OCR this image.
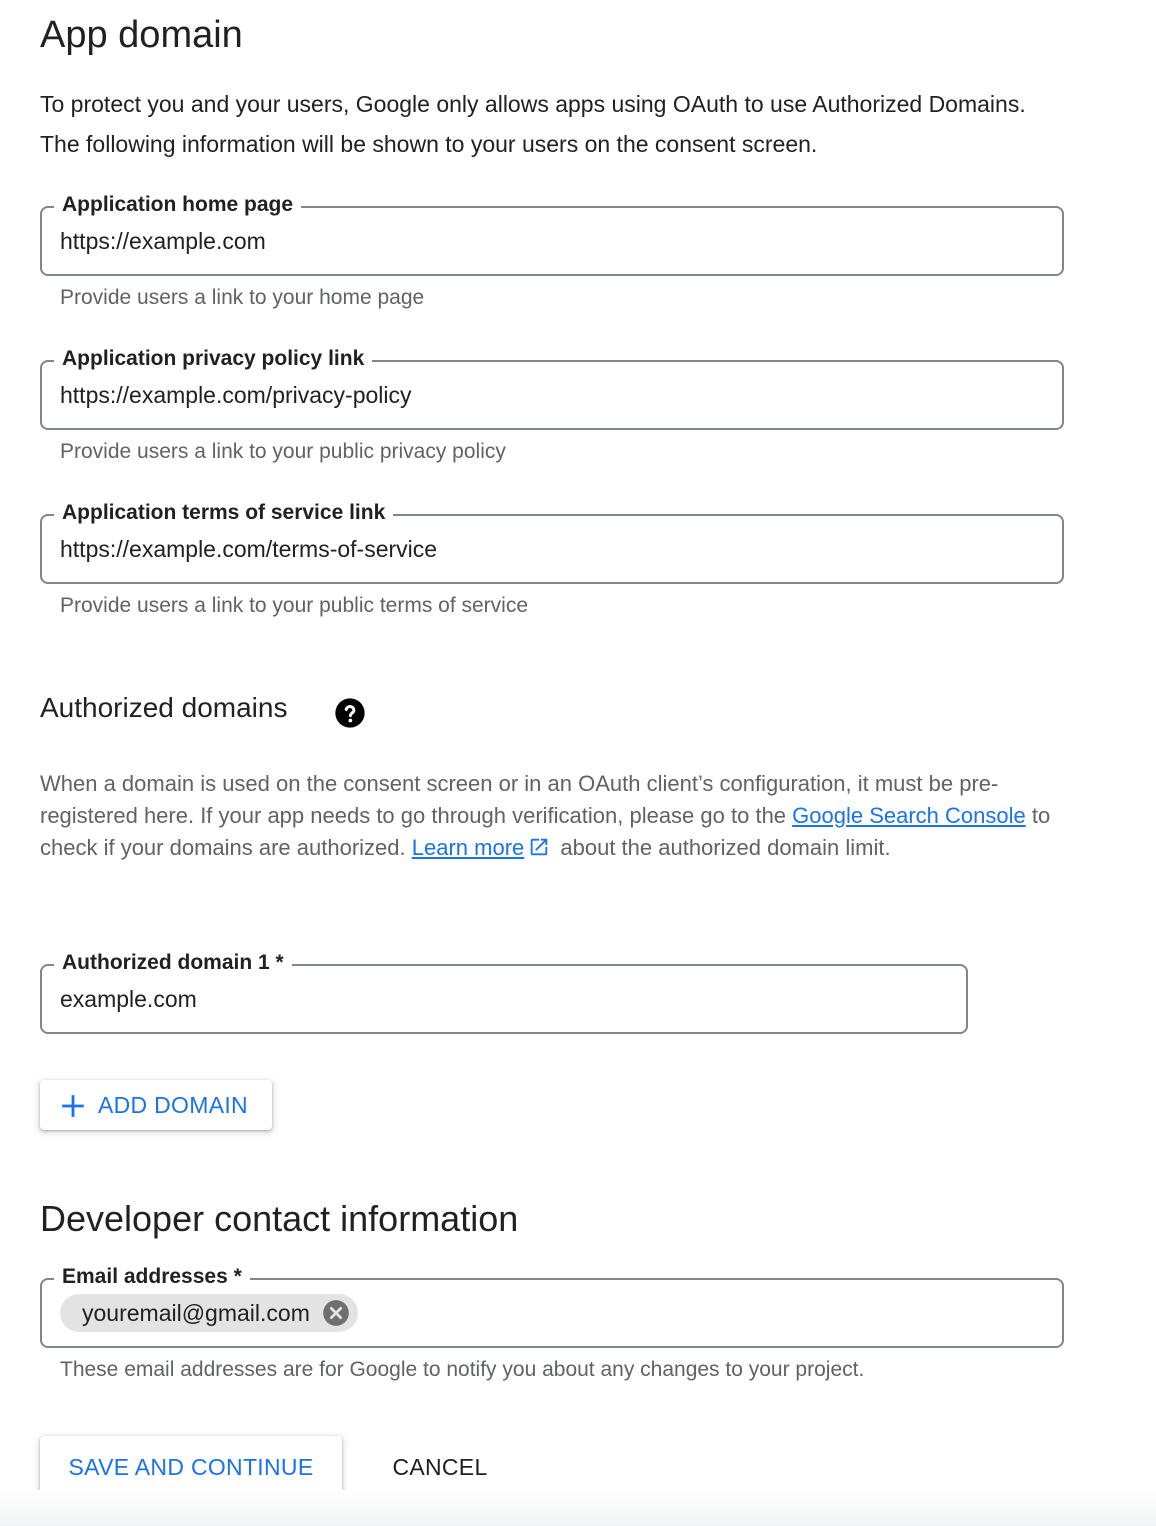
App domain

To protect you and your users, Google only allows apps using OAuth to use Authorized Domains. The following information will be shown to your users on the consent screen.

Application home page
https://example.com
Provide users a link to your home page
Application privacy policy link
https://example.com/privacy-policy
Provide users a link to your public privacy policy
Application terms of service link
https://example.com/terms-of-service
Provide users a link to your public terms of service
Authorized domains

When a domain is used on the consent screen or in an OAuth client’s configuration, it must be pre-registered here. If your app needs to go through verification, please go to the Google Search Console to check if your domains are authorized. Learn more about the authorized domain limit.

Authorized domain 1 *
example.com
ADD DOMAIN
Developer contact information
Email addresses *
youremail@gmail.com
These email addresses are for Google to notify you about any changes to your project.
SAVE AND CONTINUE	CANCEL
